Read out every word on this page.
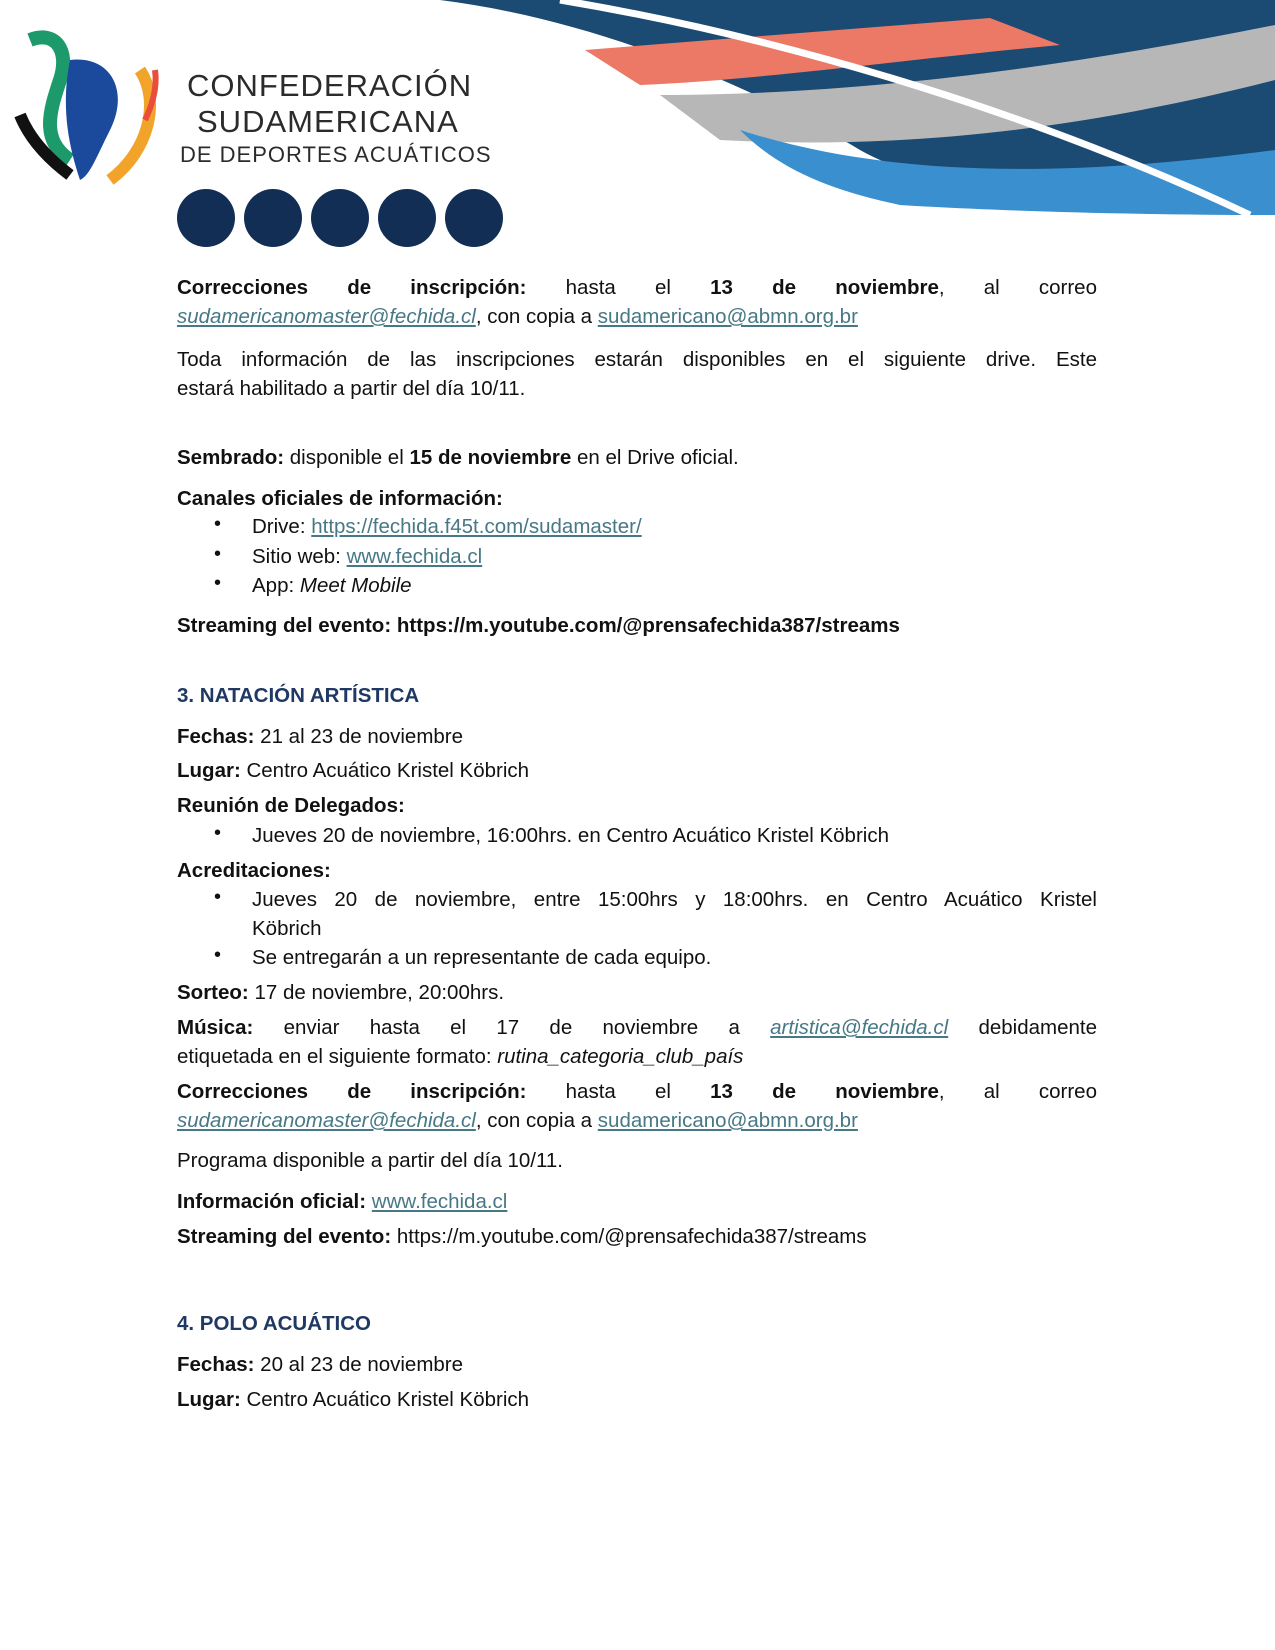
CONFEDERACIÓN
SUDAMERICANA
DE DEPORTES ACUÁTICOS
Correcciones de inscripción: hasta el 13 de noviembre, al correo
sudamericanomaster@fechida.cl, con copia a sudamericano@abmn.org.br
Toda información de las inscripciones estarán disponibles en el siguiente drive. Este
estará habilitado a partir del día 10/11.
Sembrado: disponible el 15 de noviembre en el Drive oficial.
Canales oficiales de información:
• Drive: https://fechida.f45t.com/sudamaster/
• Sitio web: www.fechida.cl
• App: Meet Mobile
Streaming del evento: https://m.youtube.com/@prensafechida387/streams
3. NATACIÓN ARTÍSTICA
Fechas: 21 al 23 de noviembre
Lugar: Centro Acuático Kristel Köbrich
Reunión de Delegados:
• Jueves 20 de noviembre, 16:00hrs. en Centro Acuático Kristel Köbrich
Acreditaciones:
• Jueves 20 de noviembre, entre 15:00hrs y 18:00hrs. en Centro Acuático Kristel
Köbrich
• Se entregarán a un representante de cada equipo.
Sorteo: 17 de noviembre, 20:00hrs.
Música: enviar hasta el 17 de noviembre a artistica@fechida.cl debidamente
etiquetada en el siguiente formato: rutina_categoria_club_país
Correcciones de inscripción: hasta el 13 de noviembre, al correo
sudamericanomaster@fechida.cl, con copia a sudamericano@abmn.org.br
Programa disponible a partir del día 10/11.
Información oficial: www.fechida.cl
Streaming del evento: https://m.youtube.com/@prensafechida387/streams
4. POLO ACUÁTICO
Fechas: 20 al 23 de noviembre
Lugar: Centro Acuático Kristel Köbrich
